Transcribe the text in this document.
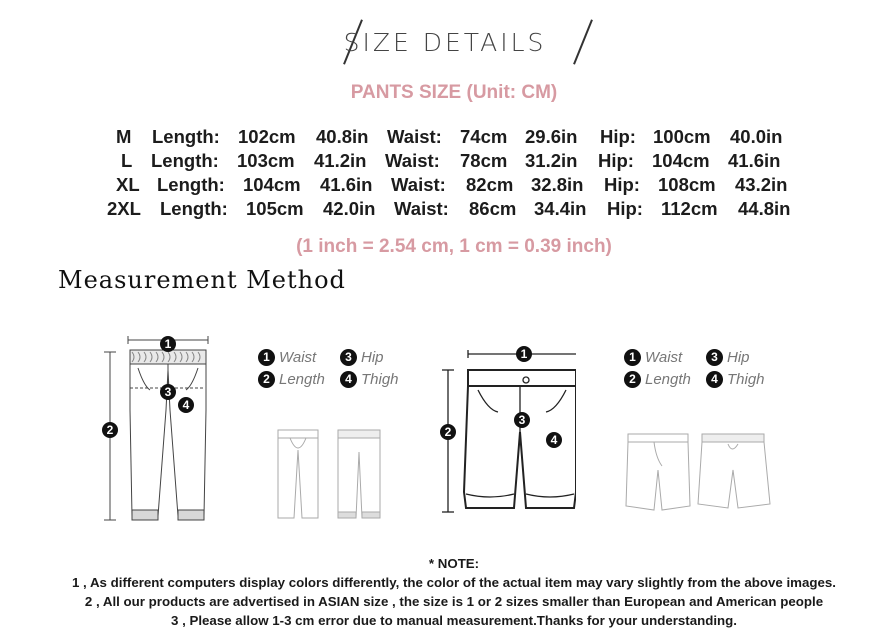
SIZE DETAILS
PANTS SIZE (Unit: CM)
M Length: 102cm 40.8in Waist: 74cm 29.6in Hip: 100cm 40.0in
L Length: 103cm 41.2in Waist: 78cm 31.2in Hip: 104cm 41.6in
XL Length: 104cm 41.6in Waist: 82cm 32.8in Hip: 108cm 43.2in
2XL Length: 105cm 42.0in Waist: 86cm 34.4in Hip: 112cm 44.8in
(1 inch = 2.54 cm, 1 cm = 0.39 inch)
Measurement Method
1
2
3
4
1 Waist	3 Hip
2 Length	4 Thigh
1
2
3
4
1 Waist	3 Hip
2 Length	4 Thigh
* NOTE:
1 , As different computers display colors differently, the color of the actual item may vary slightly from the above images.
2 , All our products are advertised in ASIAN size , the size is 1 or 2 sizes smaller than European and American people
3 , Please allow 1-3 cm error due to manual measurement.Thanks for your understanding.
